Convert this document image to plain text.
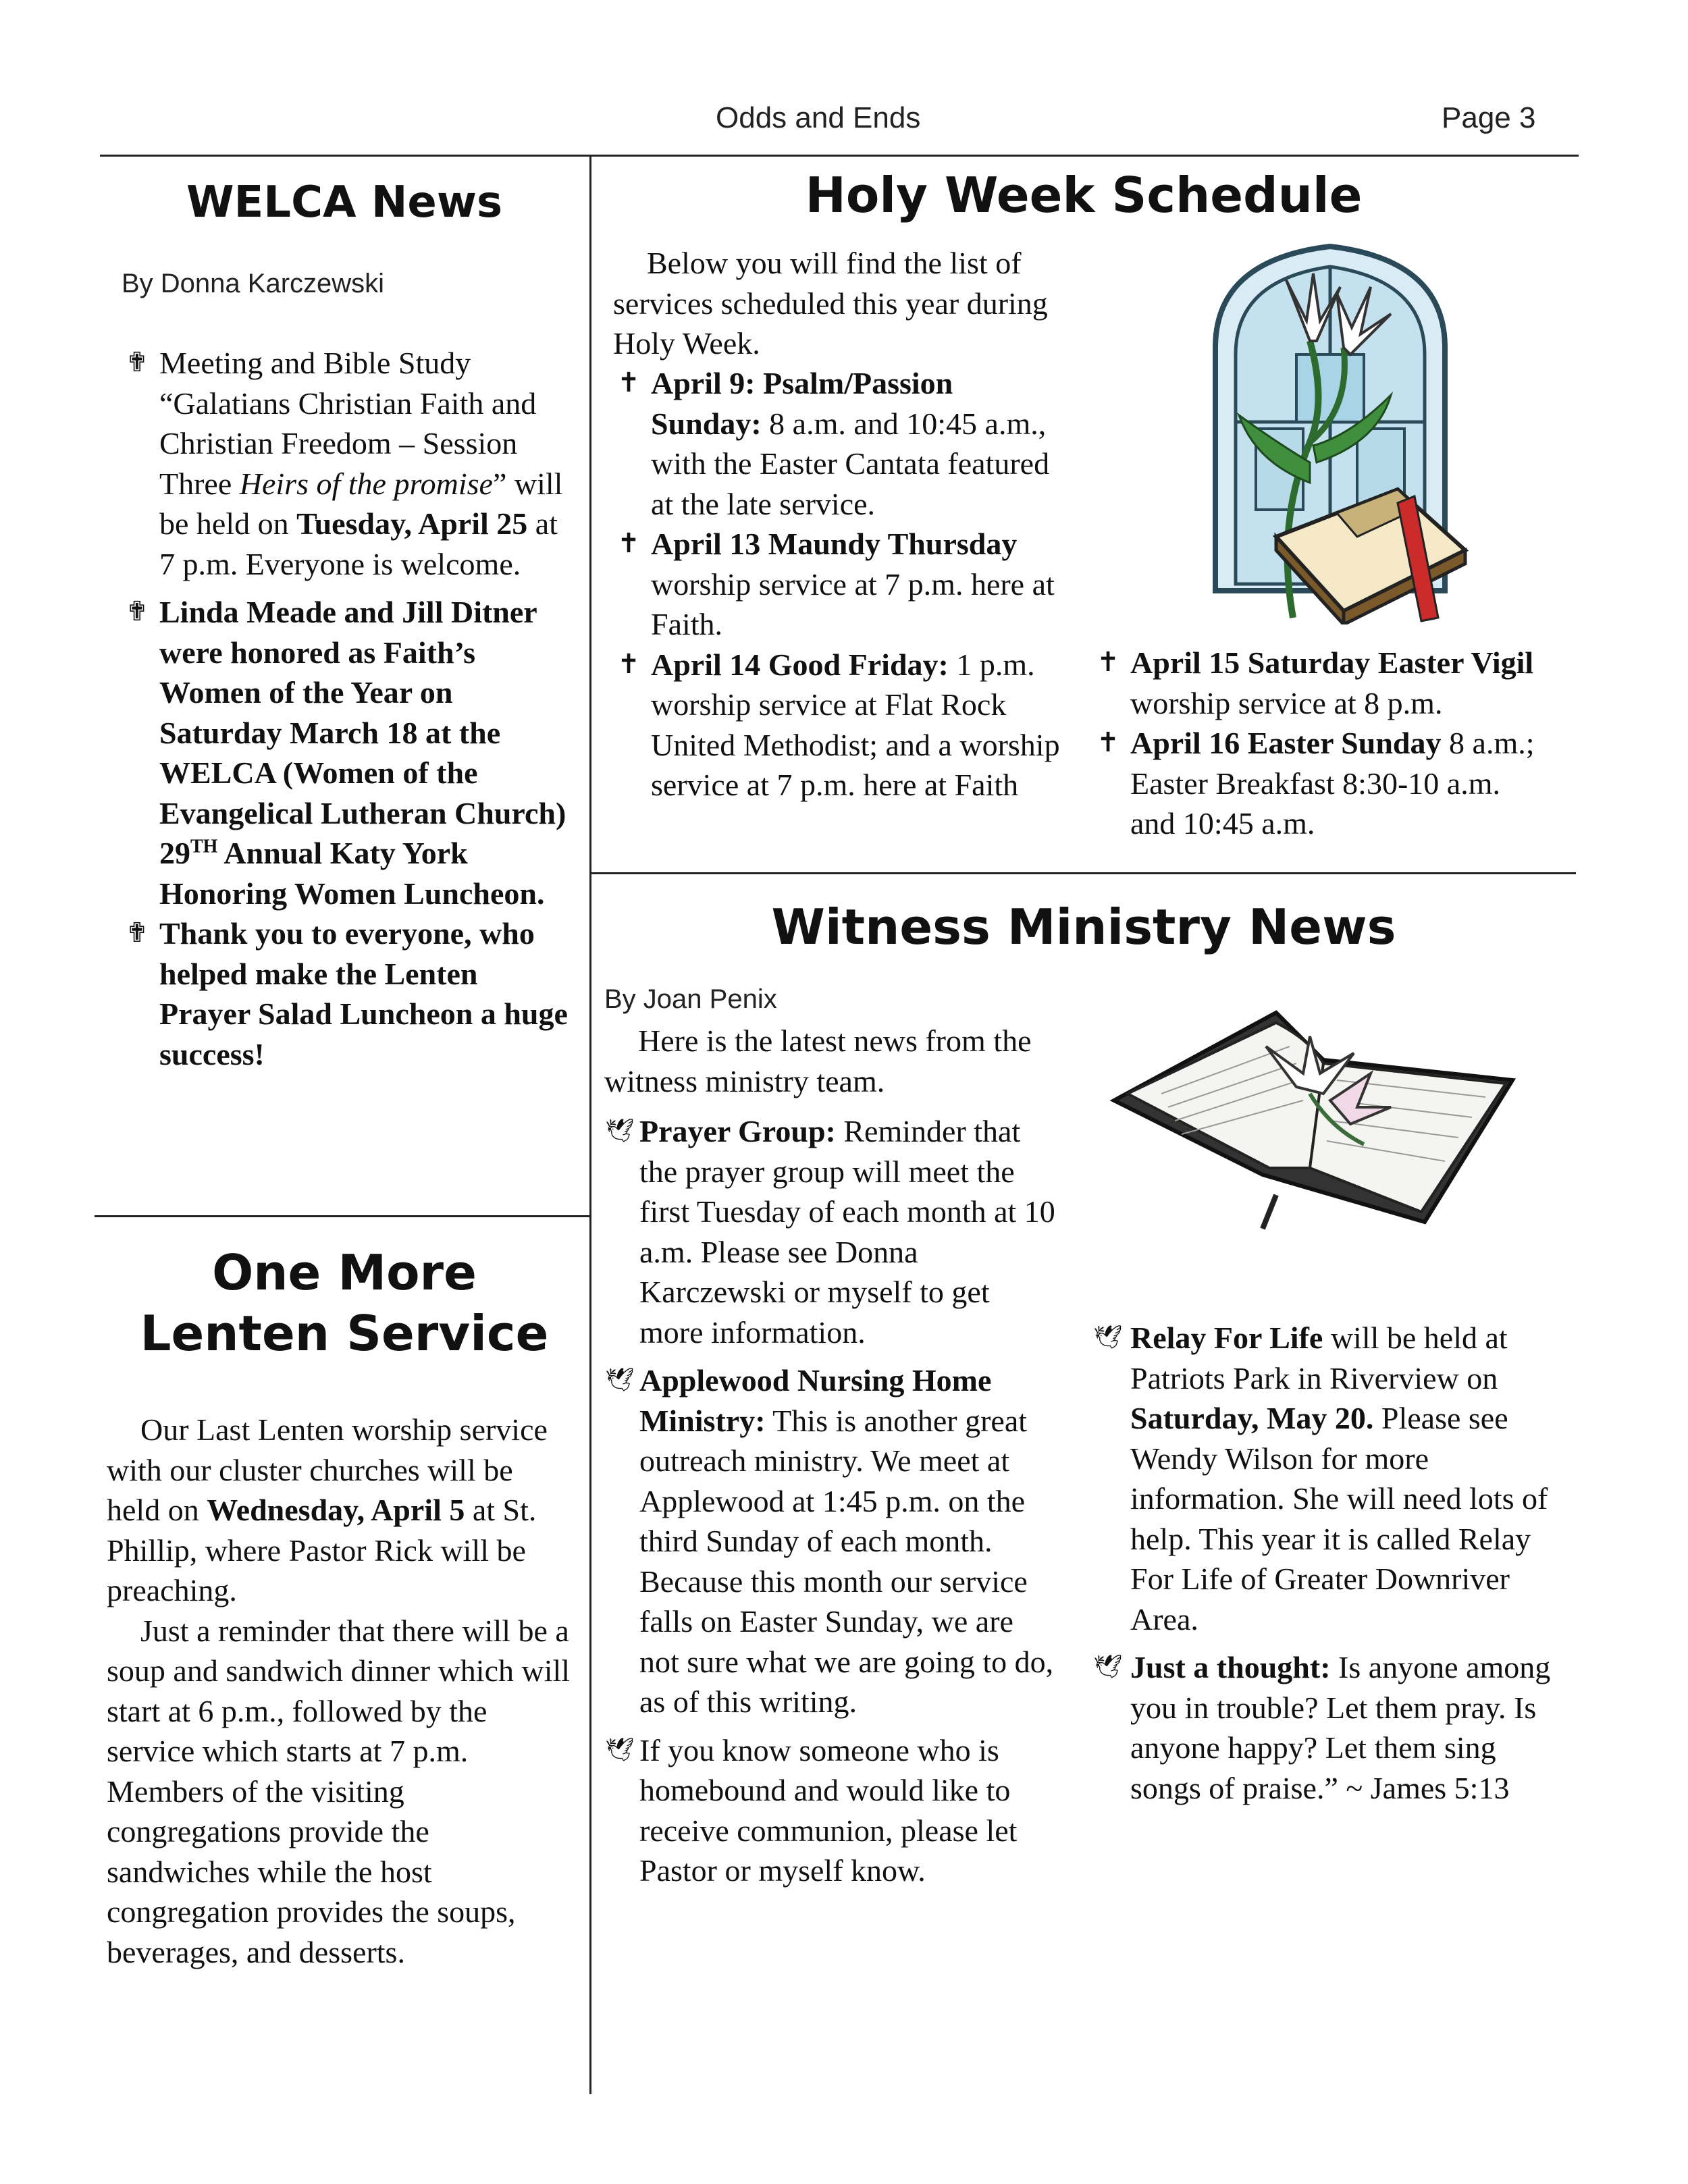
Odds and Ends	Page 3
WELCA News
By Donna Karczewski
✟ Meeting and Bible Study “Galatians Christian Faith and Christian Freedom – Session Three Heirs of the promise” will be held on Tuesday, April 25 at 7 p.m. Everyone is welcome.
✟ Linda Meade and Jill Ditner were honored as Faith’s Women of the Year on Saturday March 18 at the WELCA (Women of the Evangelical Lutheran Church) 29TH Annual Katy York Honoring Women Luncheon.
✟ Thank you to everyone, who helped make the Lenten Prayer Salad Luncheon a huge success!
One More
Lenten Service

Our Last Lenten worship service with our cluster churches will be held on Wednesday, April 5 at St. Phillip, where Pastor Rick will be preaching.

Just a reminder that there will be a soup and sandwich dinner which will start at 6 p.m., followed by the service which starts at 7 p.m. Members of the visiting congregations provide the sandwiches while the host congregation provides the soups, beverages, and desserts.

Holy Week Schedule

Below you will find the list of services scheduled this year during Holy Week.

✝ April 9: Psalm/Passion Sunday: 8 a.m. and 10:45 a.m., with the Easter Cantata featured at the late service.
✝ April 13 Maundy Thursday worship service at 7 p.m. here at Faith.
✝ April 14 Good Friday: 1 p.m. worship service at Flat Rock United Methodist; and a worship service at 7 p.m. here at Faith
✝ April 15 Saturday Easter Vigil worship service at 8 p.m.
✝ April 16 Easter Sunday 8 a.m.; Easter Breakfast 8:30-10 a.m. and 10:45 a.m.
Witness Ministry News
By Joan Penix

Here is the latest news from the witness ministry team.

🕊 Prayer Group: Reminder that the prayer group will meet the first Tuesday of each month at 10 a.m. Please see Donna Karczewski or myself to get more information.
🕊 Applewood Nursing Home Ministry: This is another great outreach ministry. We meet at Applewood at 1:45 p.m. on the third Sunday of each month. Because this month our service falls on Easter Sunday, we are not sure what we are going to do, as of this writing.
🕊 If you know someone who is homebound and would like to receive communion, please let Pastor or myself know.
🕊 Relay For Life will be held at Patriots Park in Riverview on Saturday, May 20. Please see Wendy Wilson for more information. She will need lots of help. This year it is called Relay For Life of Greater Downriver Area.
🕊 Just a thought: Is anyone among you in trouble? Let them pray. Is anyone happy? Let them sing songs of praise.” ~ James 5:13
